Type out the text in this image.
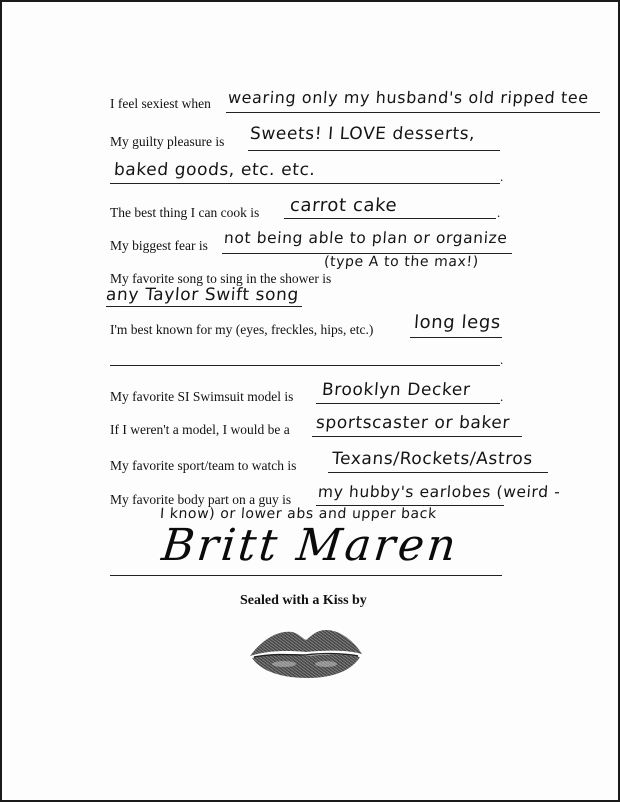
I feel sexiest when wearing only my husband's old ripped tee
My guilty pleasure is Sweets! I LOVE desserts,
baked goods, etc. etc.	.
The best thing I can cook is carrot cake	.
My biggest fear is not being able to plan or organize
(type A to the max!)
My favorite song to sing in the shower is
any Taylor Swift song
I'm best known for my (eyes, freckles, hips, etc.) long legs
.
My favorite SI Swimsuit model is Brooklyn Decker .
If I weren't a model, I would be a sportscaster or baker
My favorite sport/team to watch is Texans/Rockets/Astros
My favorite body part on a guy is my hubby's earlobes (weird -
I know) or lower abs and upper back
Britt Maren
Sealed with a Kiss by
